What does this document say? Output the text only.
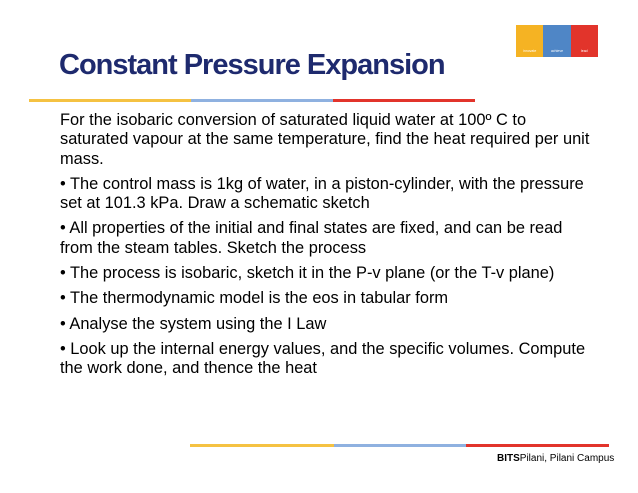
innovate	achieve	lead
Constant Pressure Expansion

For the isobaric conversion of saturated liquid water at 100º C to saturated vapour at the same temperature, find the heat required per unit mass.

• The control mass is 1kg of water, in a piston-cylinder, with the pressure set at 101.3 kPa. Draw a schematic sketch

• All properties of the initial and final states are fixed, and can be read from the steam tables. Sketch the process

• The process is isobaric, sketch it in the P-v plane (or the T-v plane)

• The thermodynamic model is the eos in tabular form

• Analyse the system using the I Law

• Look up the internal energy values, and the specific volumes. Compute the work done, and thence the heat

BITSPilani, Pilani Campus
